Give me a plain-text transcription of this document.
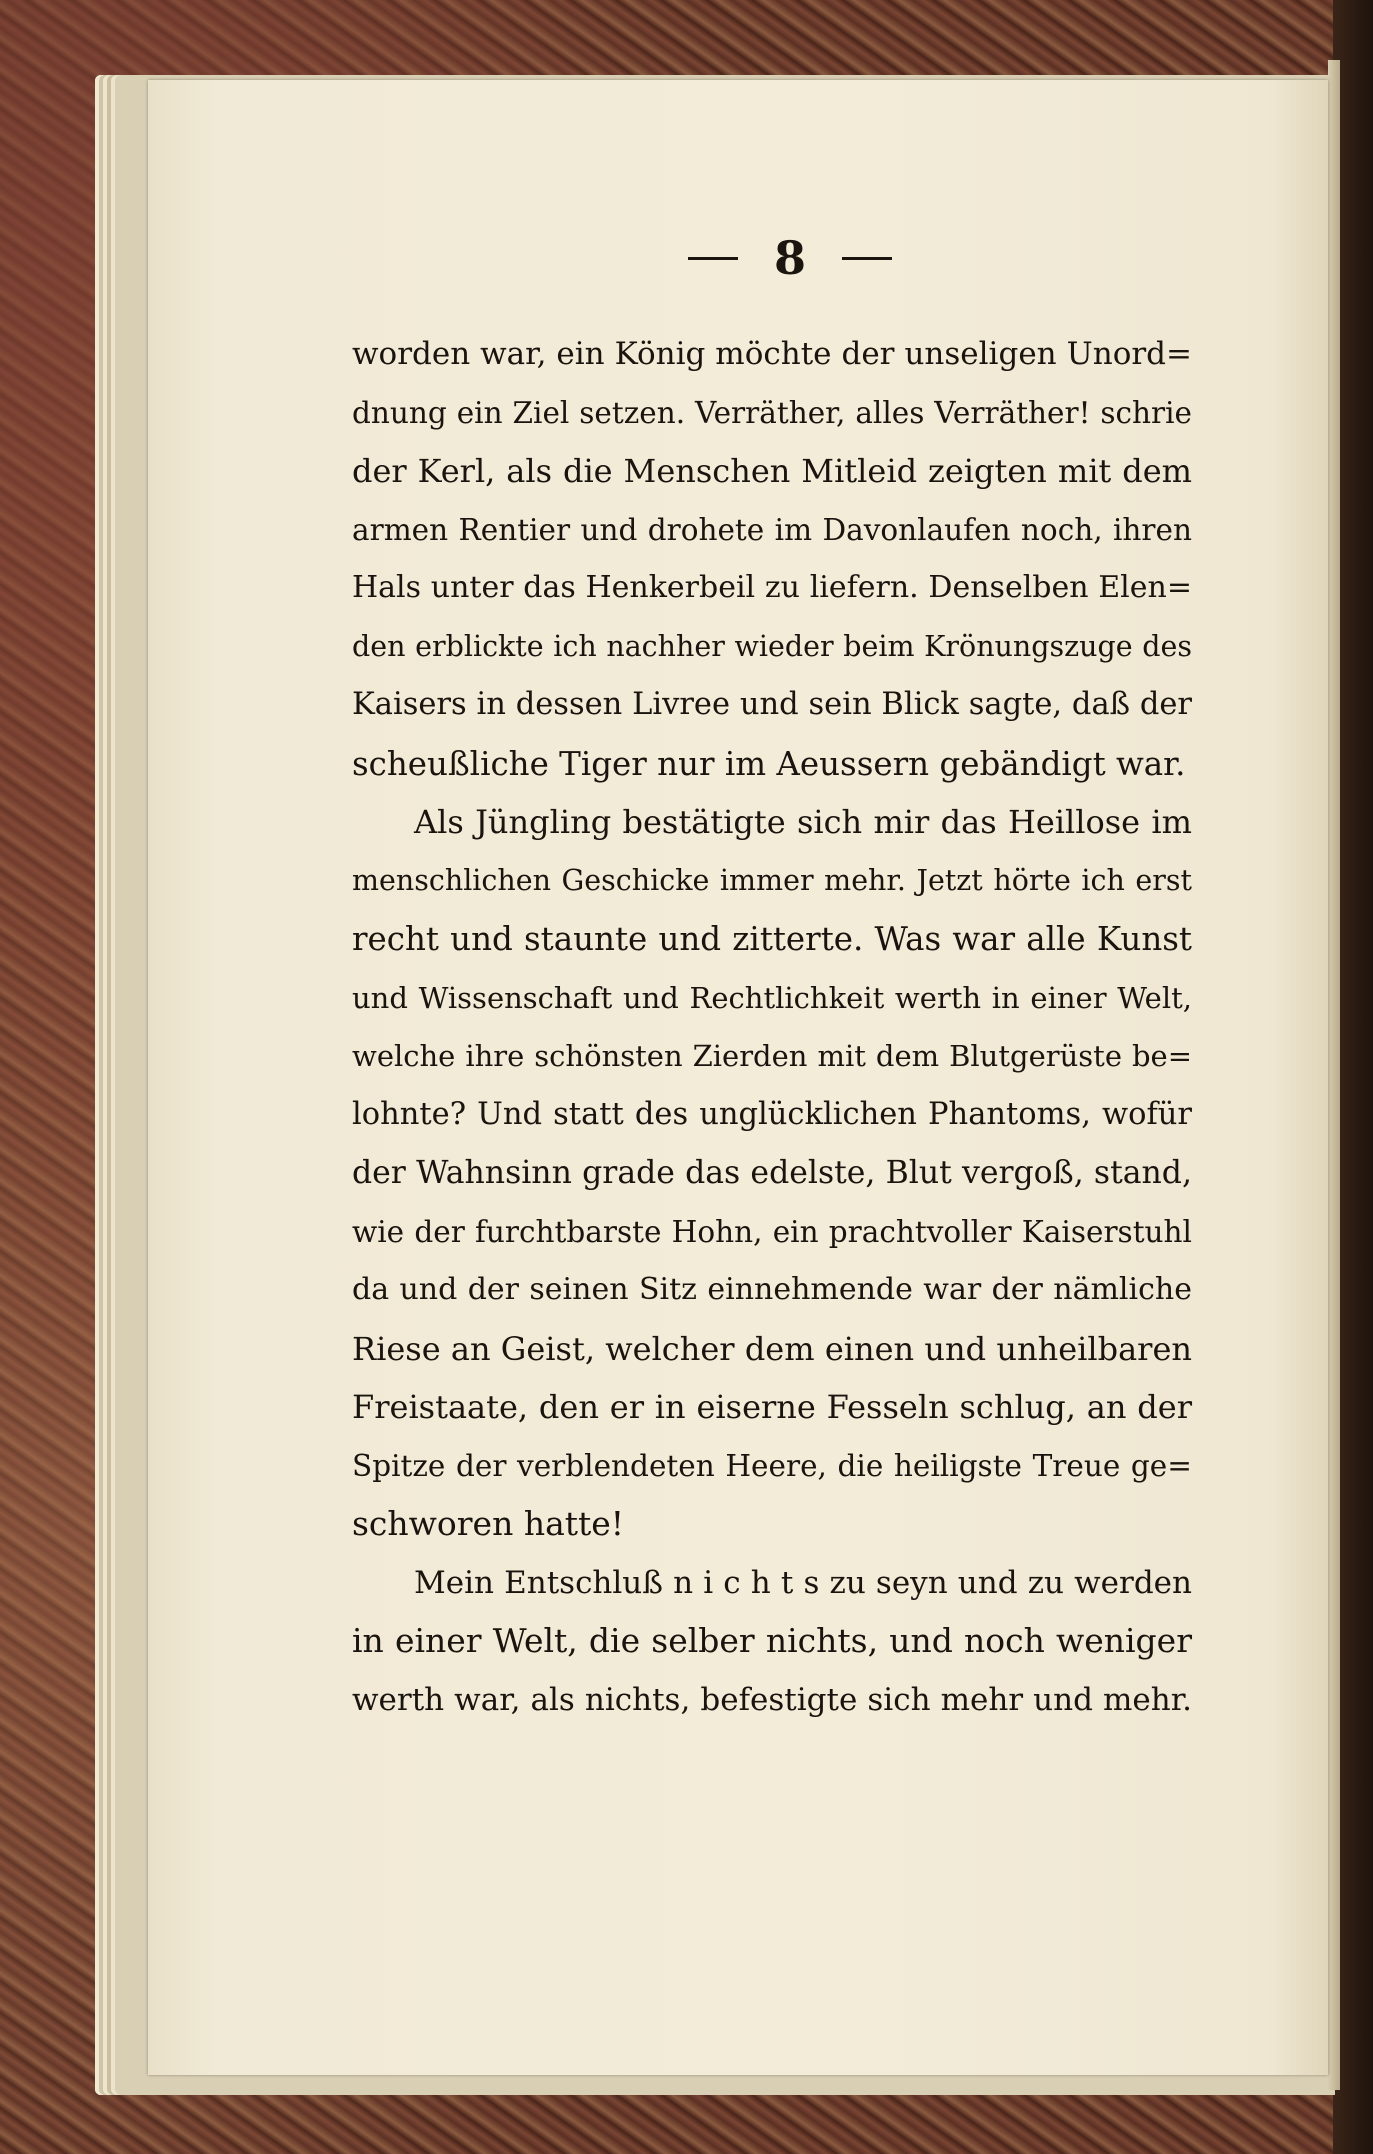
8
worden war, ein König möchte der unseligen Unord=
dnung ein Ziel setzen. Verräther, alles Verräther! schrie
der Kerl, als die Menschen Mitleid zeigten mit dem
armen Rentier und drohete im Davonlaufen noch, ihren
Hals unter das Henkerbeil zu liefern. Denselben Elen=
den erblickte ich nachher wieder beim Krönungszuge des
Kaisers in dessen Livree und sein Blick sagte, daß der
scheußliche Tiger nur im Aeussern gebändigt war.
Als Jüngling bestätigte sich mir das Heillose im
menschlichen Geschicke immer mehr. Jetzt hörte ich erst
recht und staunte und zitterte. Was war alle Kunst
und Wissenschaft und Rechtlichkeit werth in einer Welt,
welche ihre schönsten Zierden mit dem Blutgerüste be=
lohnte? Und statt des unglücklichen Phantoms, wofür
der Wahnsinn grade das edelste, Blut vergoß, stand,
wie der furchtbarste Hohn, ein prachtvoller Kaiserstuhl
da und der seinen Sitz einnehmende war der nämliche
Riese an Geist, welcher dem einen und unheilbaren
Freistaate, den er in eiserne Fesseln schlug, an der
Spitze der verblendeten Heere, die heiligste Treue ge=
schworen hatte!
Mein Entschluß n i c h t s zu seyn und zu werden
in einer Welt, die selber nichts, und noch weniger
werth war, als nichts, befestigte sich mehr und mehr.
